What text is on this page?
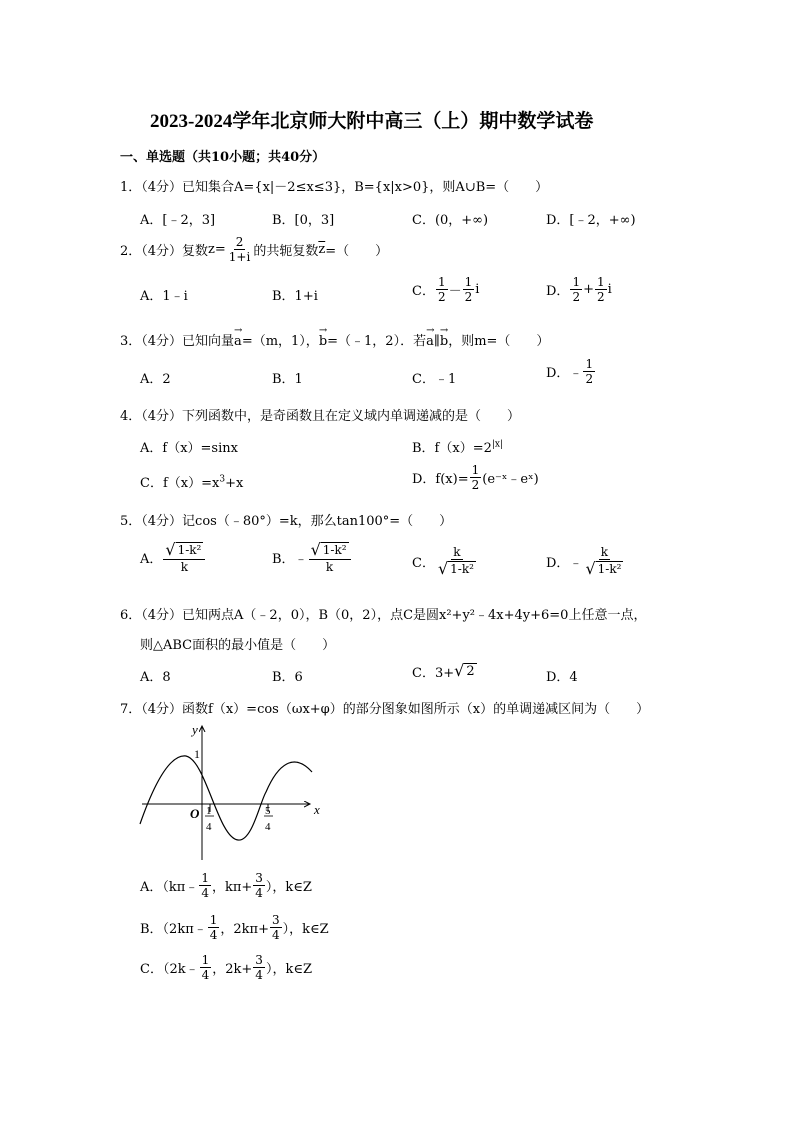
2023-2024学年北京师大附中高三（上）期中数学试卷
一、单选题（共10小题；共40分）
1．（4分）已知集合A={x|－2≤x≤3}，B={x|x>0}，则A∪B=（　　）
A．[﹣2，3]	B．[0，3]	C．(0，+∞)	D．[﹣2，+∞)
2．（4分）复数 $z= \frac{2}{1+i}$ 的共轭复数 $\overline{z}$ =（　　）
A．1﹣i	B．1+i	C． $\frac{1}{2} - \frac{1}{2}$ i	D． $\frac{1}{2} + \frac{1}{2}$ i
3．（4分）已知向量→ a=（m，1），→ b=（﹣1，2）．若→ a∥→ b，则m=（　　）
A．2	B．1	C．﹣1	D．﹣ $\frac{1}{2}$
4．（4分）下列函数中，是奇函数且在定义域内单调递减的是（　　）
A．f（x）=sinx	B．$f(x)=2^{|x|}$
C．$f(x)=x^3+x$	D．$f(x)= \frac{1}{2}$ (e⁻ˣ﹣eˣ)
5．（4分）记cos（﹣80°）=k，那么tan100°=（　　）
A． $\frac{\text{√ 1-k²}}{k}$	B．﹣ $\frac{\text{√ 1-k²}}{k}$	C． $\frac{k}{\text{√ 1-k²}}$	D．﹣ $\frac{k}{\text{√ 1-k²}}$
6．（4分）已知两点A（﹣2，0），B（0，2），点C是圆x²+y²﹣4x+4y+6=0上任意一点，
则△ABC面积的最小值是（　　）
A．8	B．6	C．3+ √ 2	D．4
7．（4分）函数f（x）=cos（ωx+φ）的部分图象如图所示（x）的单调递减区间为（　　）
y
x
O
1
1
4
5
4
A．（kπ﹣ $\frac{1}{4}$ ，$k\pi+ \frac{3}{4}$ ），k∈Z
B．（2kπ﹣ $\frac{1}{4}$ ，$2k\pi+ \frac{3}{4}$ ），k∈Z
C．（2k﹣ $\frac{1}{4}$ ，$2k+ \frac{3}{4}$ ），k∈Z
